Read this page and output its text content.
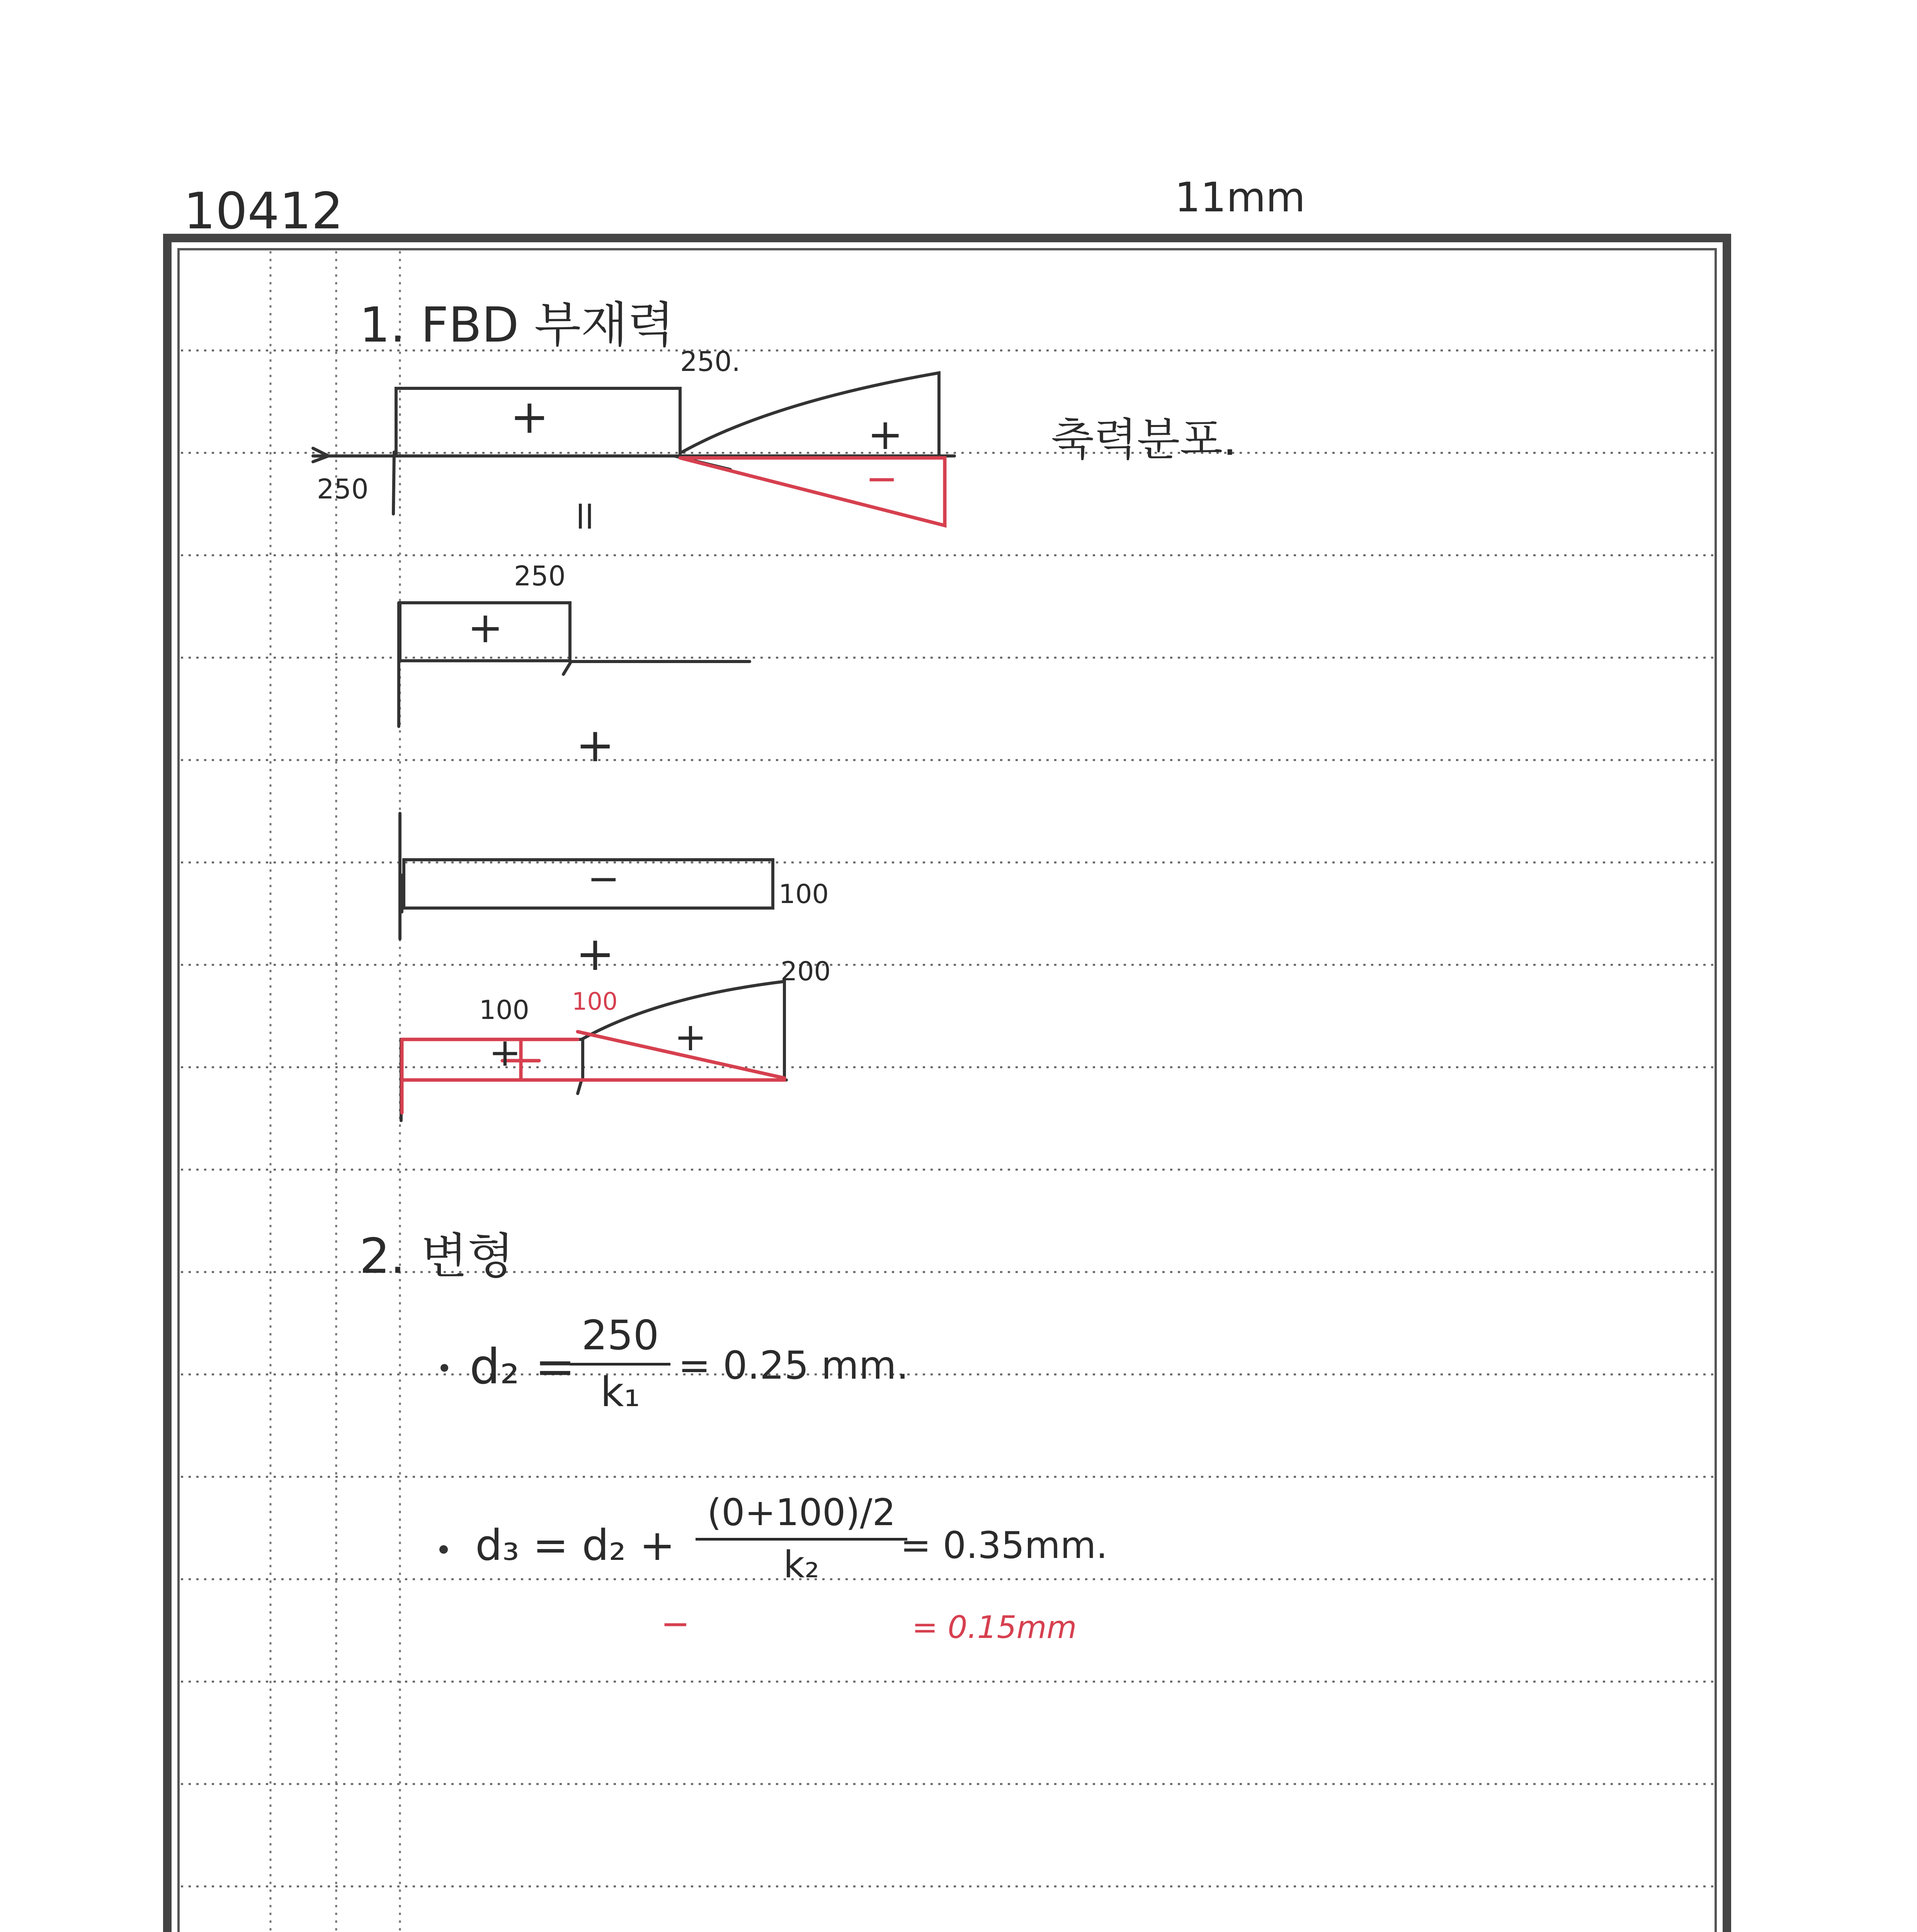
10412	11mm
1. FBD 부재력
250.
250
+	+
−
축력분포.
ll
250
+
+
−	100
+
100 100
200
+	+
2. 변형
d₂ =
$\frac{250}{\text{k₁}} = 0.25$ mm.
$d_3 = d_2 + \frac{(0+100)/2}{\text{k₂}}$
= 0.35mm.
−	= 0.15mm
